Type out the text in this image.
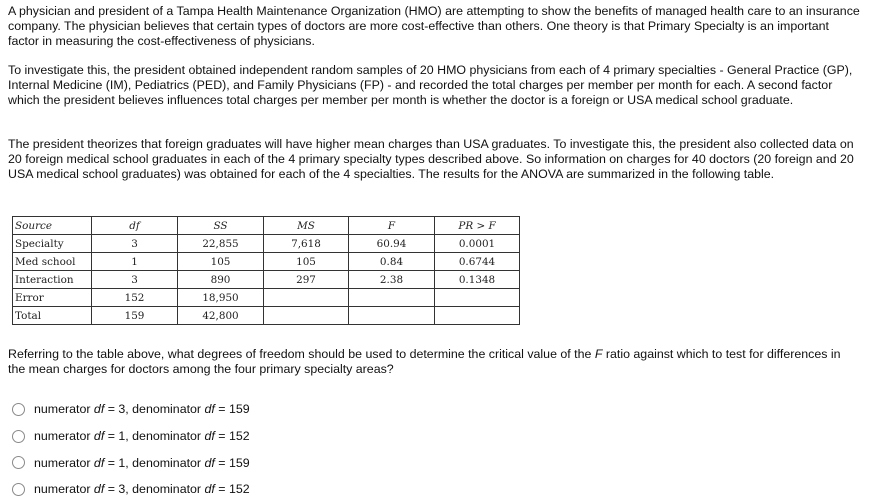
A physician and president of a Tampa Health Maintenance Organization (HMO) are attempting to show the benefits of managed health care to an insurance company. The physician believes that certain types of doctors are more cost-effective than others. One theory is that Primary Specialty is an important factor in measuring the cost-effectiveness of physicians.

To investigate this, the president obtained independent random samples of 20 HMO physicians from each of 4 primary specialties - General Practice (GP), Internal Medicine (IM), Pediatrics (PED), and Family Physicians (FP) - and recorded the total charges per member per month for each. A second factor which the president believes influences total charges per member per month is whether the doctor is a foreign or USA medical school graduate.

The president theorizes that foreign graduates will have higher mean charges than USA graduates. To investigate this, the president also collected data on 20 foreign medical school graduates in each of the 4 primary specialty types described above. So information on charges for 40 doctors (20 foreign and 20 USA medical school graduates) was obtained for each of the 4 specialties. The results for the ANOVA are summarized in the following table.

Source	df	SS	MS	F	PR > F
Specialty	3	22,855	7,618	60.94	0.0001
Med school	1	105	105	0.84	0.6744
Interaction	3	890	297	2.38	0.1348
Error	152	18,950			
Total	159	42,800			

Referring to the table above, what degrees of freedom should be used to determine the critical value of the F ratio against which to test for differences in the mean charges for doctors among the four primary specialty areas?

numerator df = 3, denominator df = 159
numerator df = 1, denominator df = 152
numerator df = 1, denominator df = 159
numerator df = 3, denominator df = 152
